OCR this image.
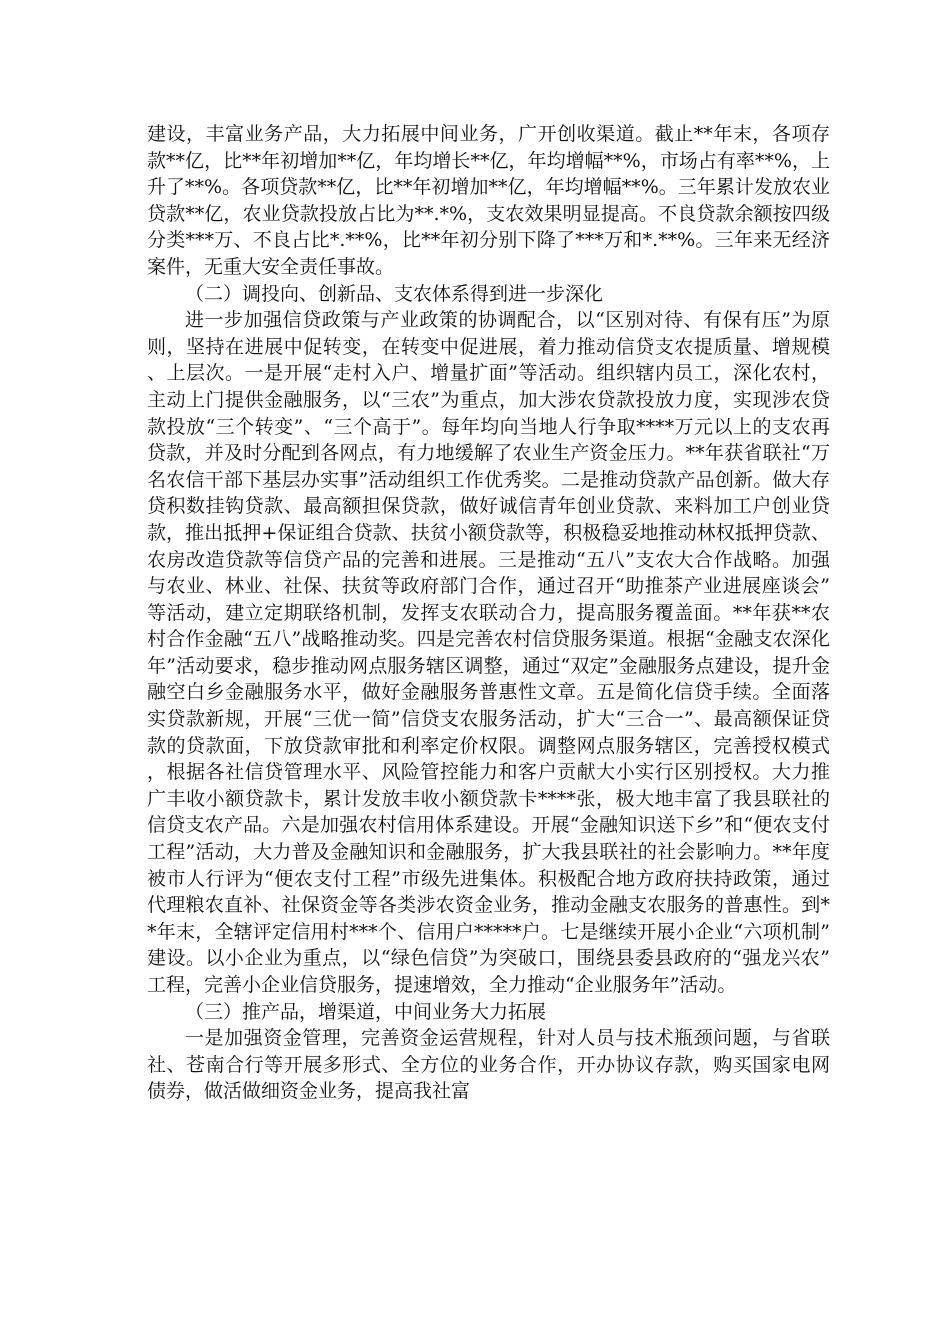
建设，丰富业务产品，大力拓展中间业务，广开创收渠道。截止**年末，各项存款**亿，比**年初增加**亿，年均增长**亿，年均增幅**%，市场占有率**%，上升了**%。各项贷款**亿，比**年初增加**亿，年均增幅**%。三年累计发放农业贷款**亿，农业贷款投放占比为**.*%，支农效果明显提高。不良贷款余额按四级分类***万、不良占比*.**%，比**年初分别下降了***万和*.**%。三年来无经济案件，无重大安全责任事故。

（二）调投向、创新品、支农体系得到进一步深化

进一步加强信贷政策与产业政策的协调配合，以“区别对待、有保有压”为原则，坚持在进展中促转变，在转变中促进展，着力推动信贷支农提质量、增规模、上层次。一是开展“走村入户、增量扩面”等活动。组织辖内员工，深化农村，主动上门提供金融服务，以“三农”为重点，加大涉农贷款投放力度，实现涉农贷款投放“三个转变”、“三个高于”。每年均向当地人行争取****万元以上的支农再贷款，并及时分配到各网点，有力地缓解了农业生产资金压力。**年获省联社“万名农信干部下基层办实事”活动组织工作优秀奖。二是推动贷款产品创新。做大存贷积数挂钩贷款、最高额担保贷款，做好诚信青年创业贷款、来料加工户创业贷款，推出抵押+保证组合贷款、扶贫小额贷款等，积极稳妥地推动林权抵押贷款、农房改造贷款等信贷产品的完善和进展。三是推动“五八”支农大合作战略。加强与农业、林业、社保、扶贫等政府部门合作，通过召开“助推茶产业进展座谈会”等活动，建立定期联络机制，发挥支农联动合力，提高服务覆盖面。**年获**农村合作金融“五八”战略推动奖。四是完善农村信贷服务渠道。根据“金融支农深化年”活动要求，稳步推动网点服务辖区调整，通过“双定”金融服务点建设，提升金融空白乡金融服务水平，做好金融服务普惠性文章。五是简化信贷手续。全面落实贷款新规，开展“三优一简”信贷支农服务活动，扩大“三合一”、最高额保证贷款的贷款面，下放贷款审批和利率定价权限。调整网点服务辖区，完善授权模式，根据各社信贷管理水平、风险管控能力和客户贡献大小实行区别授权。大力推广丰收小额贷款卡，累计发放丰收小额贷款卡****张，极大地丰富了我县联社的信贷支农产品。六是加强农村信用体系建设。开展“金融知识送下乡”和“便农支付工程”活动，大力普及金融知识和金融服务，扩大我县联社的社会影响力。**年度被市人行评为“便农支付工程”市级先进集体。积极配合地方政府扶持政策，通过代理粮农直补、社保资金等各类涉农资金业务，推动金融支农服务的普惠性。到**年末，全辖评定信用村***个、信用户*****户。七是继续开展小企业“六项机制”建设。以小企业为重点，以“绿色信贷”为突破口，围绕县委县政府的“强龙兴农”工程，完善小企业信贷服务，提速增效，全力推动“企业服务年”活动。

（三）推产品，增渠道，中间业务大力拓展

一是加强资金管理，完善资金运营规程，针对人员与技术瓶颈问题，与省联社、苍南合行等开展多形式、全方位的业务合作，开办协议存款，购买国家电网债券，做活做细资金业务，提高我社富
